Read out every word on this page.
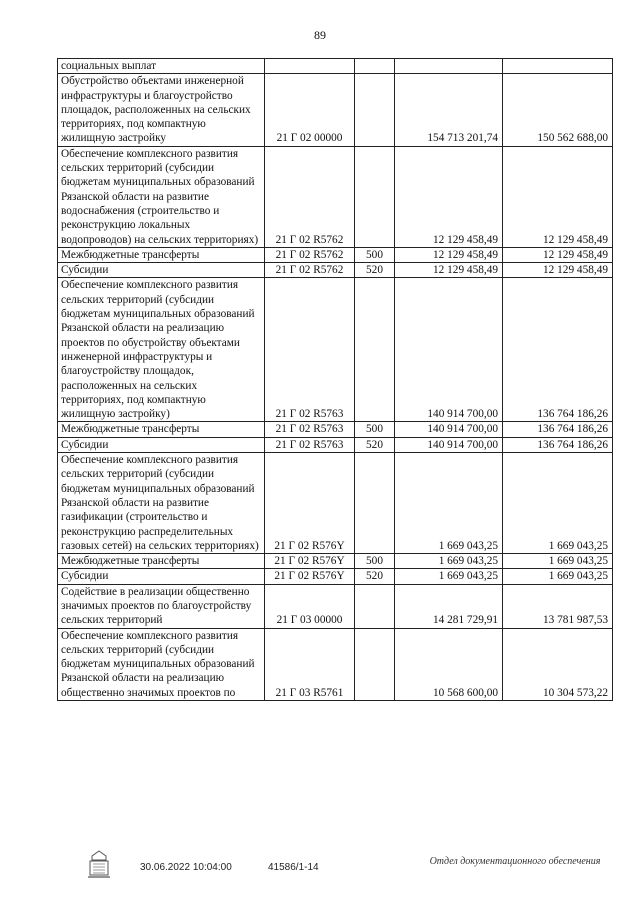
89
социальных выплат				
Обустройство объектами инженерной инфраструктуры и благоустройство площадок, расположенных на сельских территориях, под компактную жилищную застройку	21 Г 02 00000		154 713 201,74	150 562 688,00
Обеспечение комплексного развития сельских территорий (субсидии бюджетам муниципальных образований Рязанской области на развитие водоснабжения (строительство и реконструкцию локальных водопроводов) на сельских территориях)	21 Г 02 R5762		12 129 458,49	12 129 458,49
Межбюджетные трансферты	21 Г 02 R5762	500	12 129 458,49	12 129 458,49
Субсидии	21 Г 02 R5762	520	12 129 458,49	12 129 458,49
Обеспечение комплексного развития сельских территорий (субсидии бюджетам муниципальных образований Рязанской области на реализацию проектов по обустройству объектами инженерной инфраструктуры и благоустройству площадок, расположенных на сельских территориях, под компактную жилищную застройку)	21 Г 02 R5763		140 914 700,00	136 764 186,26
Межбюджетные трансферты	21 Г 02 R5763	500	140 914 700,00	136 764 186,26
Субсидии	21 Г 02 R5763	520	140 914 700,00	136 764 186,26
Обеспечение комплексного развития сельских территорий (субсидии бюджетам муниципальных образований Рязанской области на развитие газификации (строительство и реконструкцию распределительных газовых сетей) на сельских территориях)	21 Г 02 R576Y		1 669 043,25	1 669 043,25
Межбюджетные трансферты	21 Г 02 R576Y	500	1 669 043,25	1 669 043,25
Субсидии	21 Г 02 R576Y	520	1 669 043,25	1 669 043,25
Содействие в реализации общественно значимых проектов по благоустройству сельских территорий	21 Г 03 00000		14 281 729,91	13 781 987,53
Обеспечение комплексного развития сельских территорий (субсидии бюджетам муниципальных образований Рязанской области на реализацию общественно значимых проектов по	21 Г 03 R5761		10 568 600,00	10 304 573,22
30.06.2022 10:04:00	41586/1-14
Отдел документационного обеспечения
